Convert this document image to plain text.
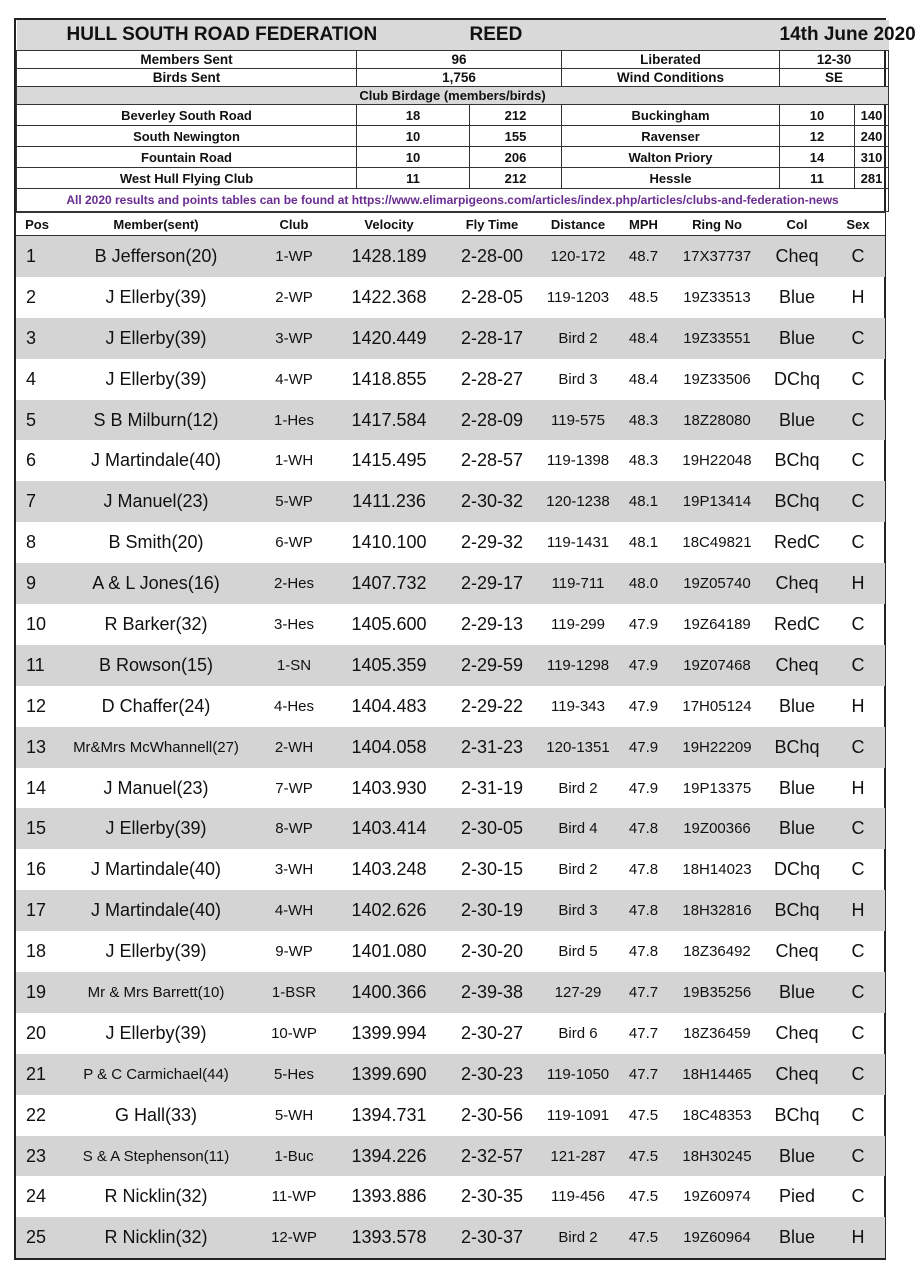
HULL SOUTH ROAD FEDERATION		REED		14th June 2020	
Members Sent	96		Liberated	12-30	
Birds Sent	1,756		Wind Conditions	SE	
Club Birdage (members/birds)					
Beverley South Road	18	212	Buckingham	10	140
South Newington	10	155	Ravenser	12	240
Fountain Road	10	206	Walton Priory	14	310
West Hull Flying Club	11	212	Hessle	11	281
All 2020 results and points tables can be found at https://www.elimarpigeons.com/articles/index.php/articles/clubs-and-federation-news					
Pos	Member(sent)	Club	Velocity	Fly Time	Distance	MPH	Ring No	Col	Sex
1	B Jefferson(20)	1-WP	1428.189	2-28-00	120-172	48.7	17X37737	Cheq	C
2	J Ellerby(39)	2-WP	1422.368	2-28-05	119-1203	48.5	19Z33513	Blue	H
3	J Ellerby(39)	3-WP	1420.449	2-28-17	Bird 2	48.4	19Z33551	Blue	C
4	J Ellerby(39)	4-WP	1418.855	2-28-27	Bird 3	48.4	19Z33506	DChq	C
5	S B Milburn(12)	1-Hes	1417.584	2-28-09	119-575	48.3	18Z28080	Blue	C
6	J Martindale(40)	1-WH	1415.495	2-28-57	119-1398	48.3	19H22048	BChq	C
7	J Manuel(23)	5-WP	1411.236	2-30-32	120-1238	48.1	19P13414	BChq	C
8	B Smith(20)	6-WP	1410.100	2-29-32	119-1431	48.1	18C49821	RedC	C
9	A & L Jones(16)	2-Hes	1407.732	2-29-17	119-711	48.0	19Z05740	Cheq	H
10	R Barker(32)	3-Hes	1405.600	2-29-13	119-299	47.9	19Z64189	RedC	C
11	B Rowson(15)	1-SN	1405.359	2-29-59	119-1298	47.9	19Z07468	Cheq	C
12	D Chaffer(24)	4-Hes	1404.483	2-29-22	119-343	47.9	17H05124	Blue	H
13	Mr&Mrs McWhannell(27)	2-WH	1404.058	2-31-23	120-1351	47.9	19H22209	BChq	C
14	J Manuel(23)	7-WP	1403.930	2-31-19	Bird 2	47.9	19P13375	Blue	H
15	J Ellerby(39)	8-WP	1403.414	2-30-05	Bird 4	47.8	19Z00366	Blue	C
16	J Martindale(40)	3-WH	1403.248	2-30-15	Bird 2	47.8	18H14023	DChq	C
17	J Martindale(40)	4-WH	1402.626	2-30-19	Bird 3	47.8	18H32816	BChq	H
18	J Ellerby(39)	9-WP	1401.080	2-30-20	Bird 5	47.8	18Z36492	Cheq	C
19	Mr & Mrs Barrett(10)	1-BSR	1400.366	2-39-38	127-29	47.7	19B35256	Blue	C
20	J Ellerby(39)	10-WP	1399.994	2-30-27	Bird 6	47.7	18Z36459	Cheq	C
21	P & C Carmichael(44)	5-Hes	1399.690	2-30-23	119-1050	47.7	18H14465	Cheq	C
22	G Hall(33)	5-WH	1394.731	2-30-56	119-1091	47.5	18C48353	BChq	C
23	S & A Stephenson(11)	1-Buc	1394.226	2-32-57	121-287	47.5	18H30245	Blue	C
24	R Nicklin(32)	11-WP	1393.886	2-30-35	119-456	47.5	19Z60974	Pied	C
25	R Nicklin(32)	12-WP	1393.578	2-30-37	Bird 2	47.5	19Z60964	Blue	H
